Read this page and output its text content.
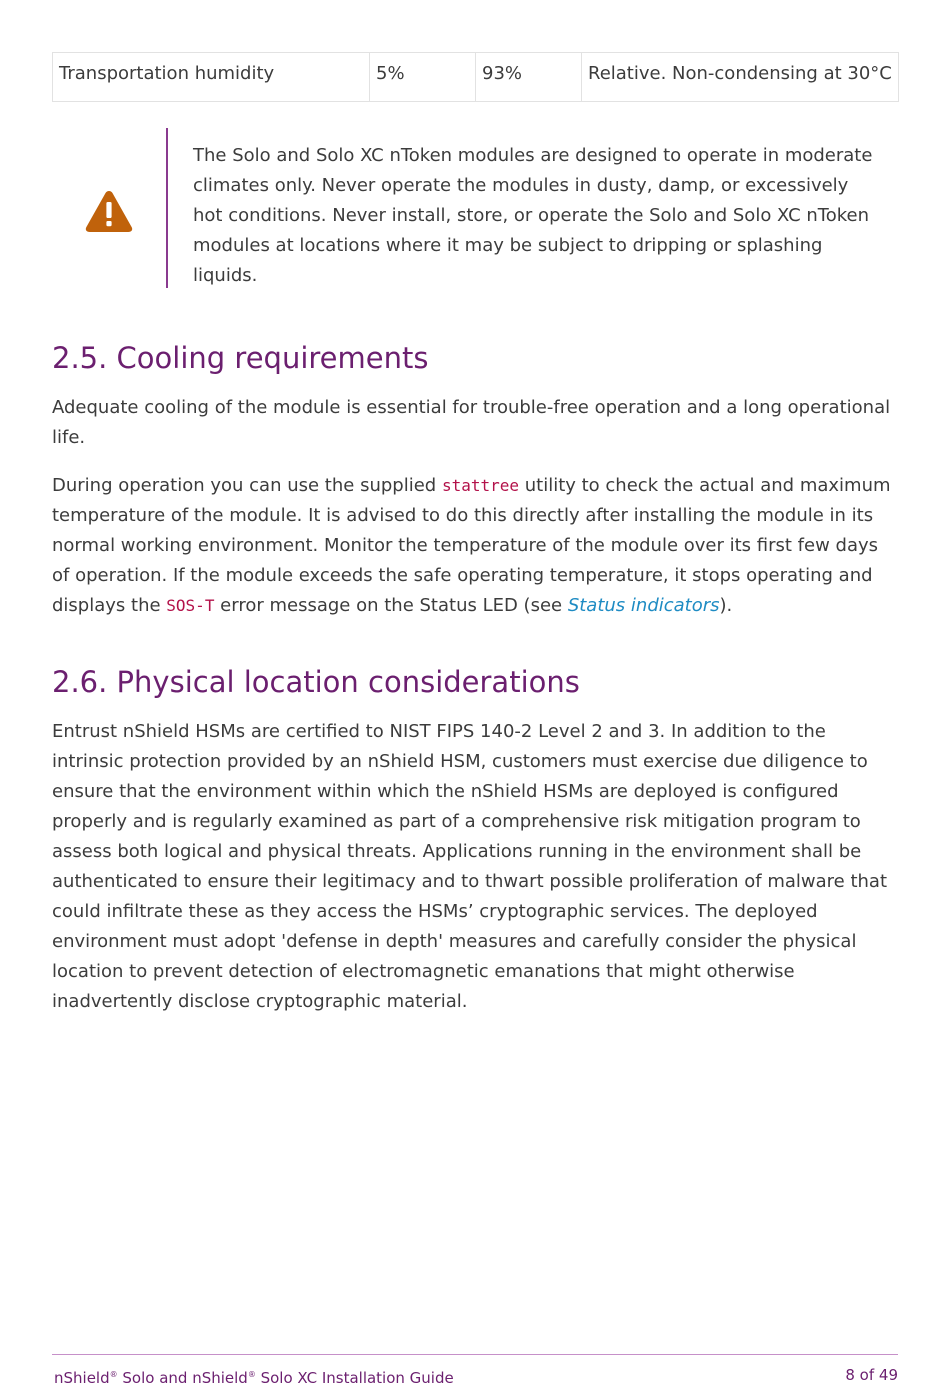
Transportation humidity	5%	93%	Relative. Non-condensing at 30°C

The Solo and Solo XC nToken modules are designed to operate in moderate climates only. Never operate the modules in dusty, damp, or excessively hot conditions. Never install, store, or operate the Solo and Solo XC nToken modules at locations where it may be subject to dripping or splashing liquids.

2.5. Cooling requirements

Adequate cooling of the module is essential for trouble-free operation and a long operational life.

During operation you can use the supplied stattree utility to check the actual and maximum temperature of the module. It is advised to do this directly after installing the module in its normal working environment. Monitor the temperature of the module over its first few days of operation. If the module exceeds the safe operating temperature, it stops operating and displays the SOS-T error message on the Status LED (see Status indicators).

2.6. Physical location considerations

Entrust nShield HSMs are certified to NIST FIPS 140-2 Level 2 and 3. In addition to the intrinsic protection provided by an nShield HSM, customers must exercise due diligence to ensure that the environment within which the nShield HSMs are deployed is configured properly and is regularly examined as part of a comprehensive risk mitigation program to assess both logical and physical threats. Applications running in the environment shall be authenticated to ensure their legitimacy and to thwart possible proliferation of malware that could infiltrate these as they access the HSMs’ cryptographic services. The deployed environment must adopt 'defense in depth' measures and carefully consider the physical location to prevent detection of electromagnetic emanations that might otherwise inadvertently disclose cryptographic material.

nShield® Solo and nShield® Solo XC Installation Guide	8 of 49
